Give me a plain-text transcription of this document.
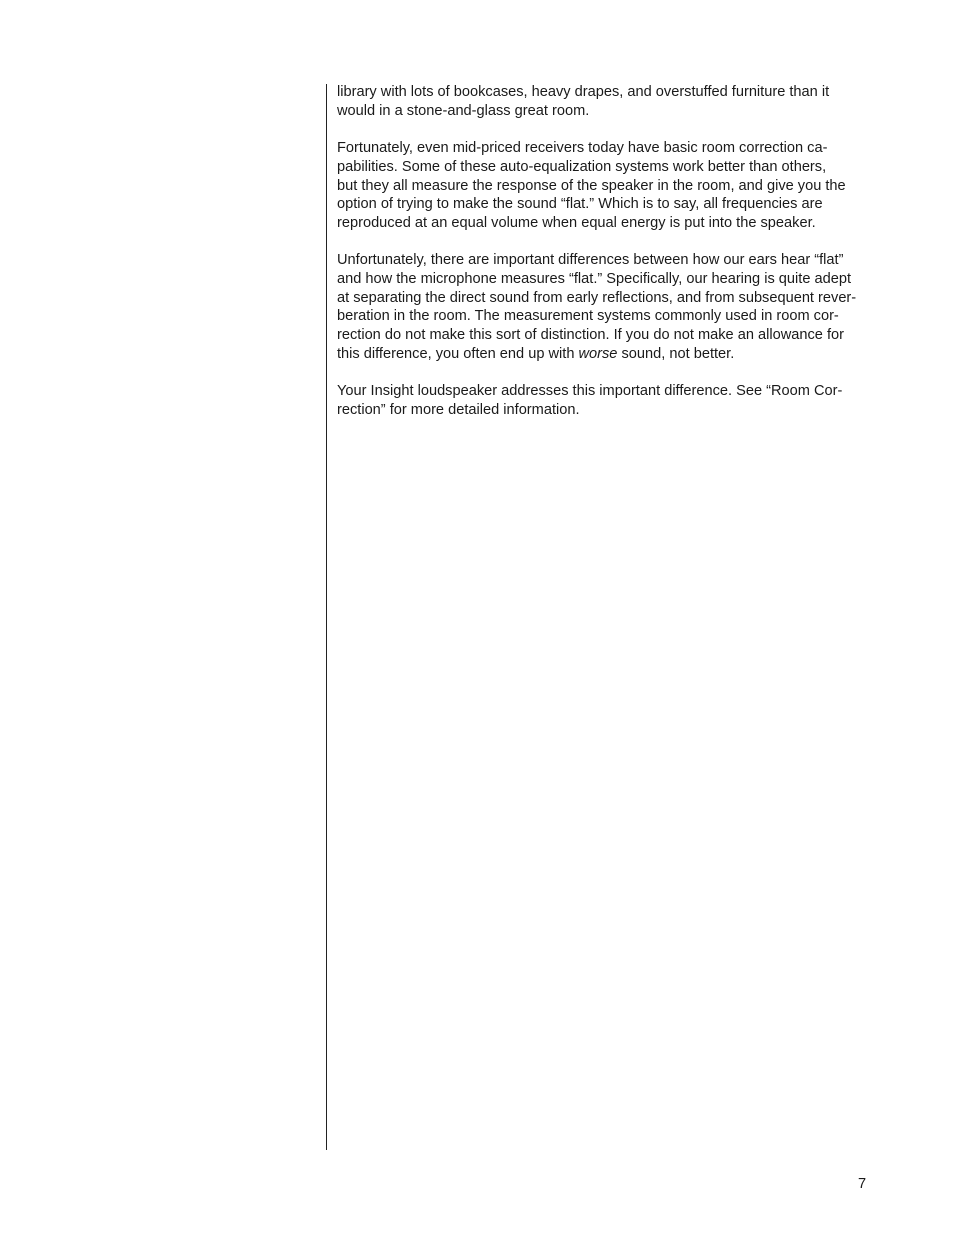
library with lots of bookcases, heavy drapes, and overstuffed furniture than it
would in a stone-and-glass great room.

Fortunately, even mid-priced receivers today have basic room correction ca-
pabilities. Some of these auto-equalization systems work better than others,
but they all measure the response of the speaker in the room, and give you the
option of trying to make the sound “flat.” Which is to say, all frequencies are
reproduced at an equal volume when equal energy is put into the speaker.

Unfortunately, there are important differences between how our ears hear “flat”
and how the microphone measures “flat.” Specifically, our hearing is quite adept
at separating the direct sound from early reflections, and from subsequent rever-
beration in the room. The measurement systems commonly used in room cor-
rection do not make this sort of distinction. If you do not make an allowance for
this difference, you often end up with worse sound, not better.

Your Insight loudspeaker addresses this important difference. See “Room Cor-
rection” for more detailed information.

7
